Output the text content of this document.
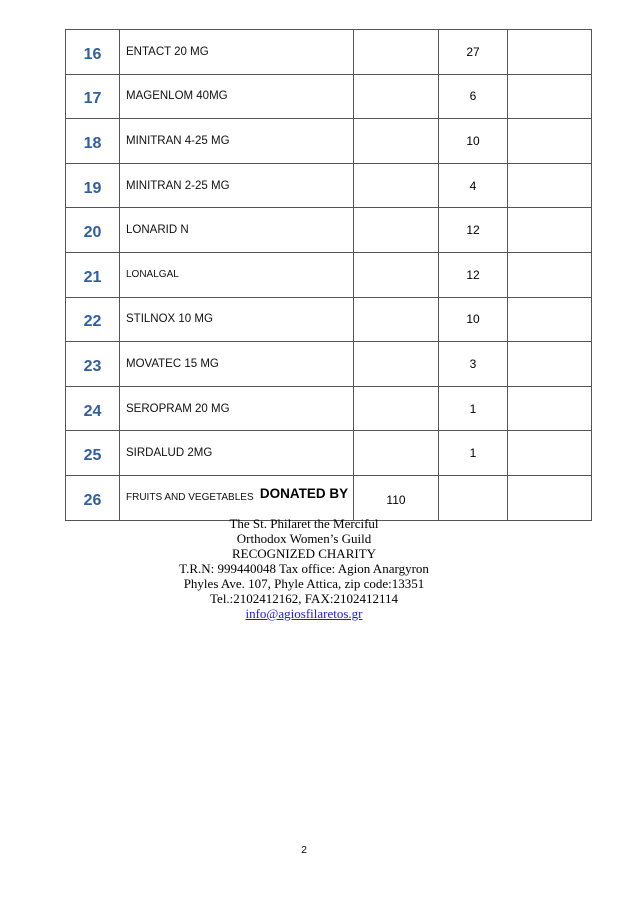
16	ENTACT 20 MG		27	
17	MAGENLOM 40MG		6	
18	MINITRAN 4-25 MG		10	
19	MINITRAN 2-25 MG		4	
20	LONARID N		12	
21	LONALGAL		12	
22	STILNOX 10 MG		10	
23	MOVATEC 15 MG		3	
24	SEROPRAM 20 MG		1	
25	SIRDALUD 2MG		1	
26	FRUITS AND VEGETABLES	110		
DONATED BY
The St. Philaret the Merciful
Orthodox Women’s Guild
RECOGNIZED CHARITY
T.R.N: 999440048 Tax office: Agion Anargyron
Phyles Ave. 107, Phyle Attica, zip code:13351
Tel.:2102412162, FAX:2102412114
info@agiosfilaretos.gr
2
